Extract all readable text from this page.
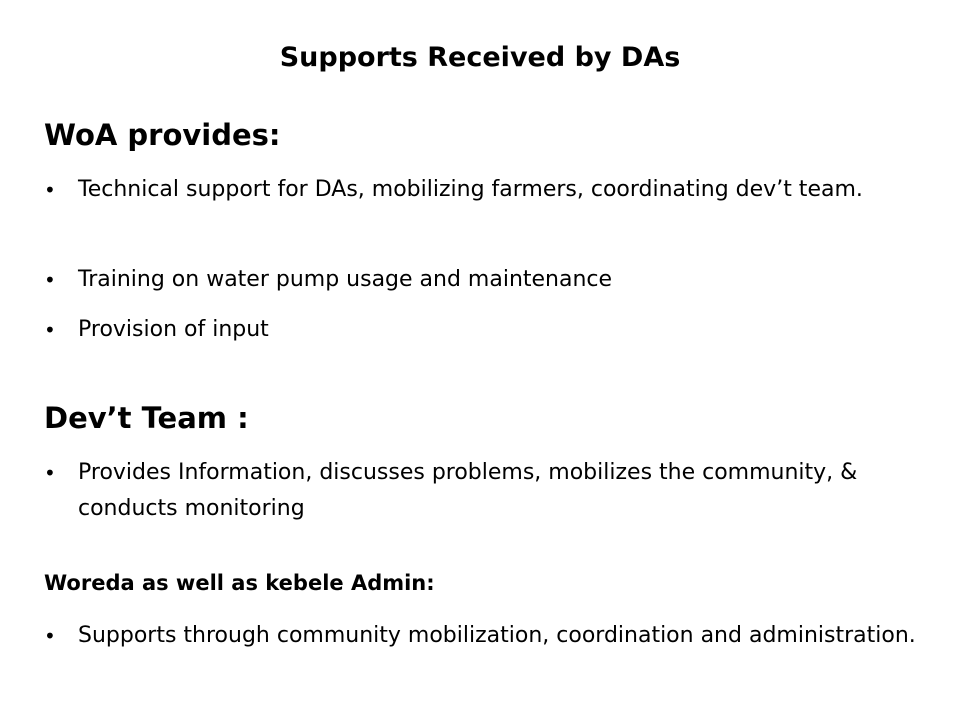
Supports Received by DAs
WoA provides:
•	Technical support for DAs, mobilizing farmers, coordinating dev’t team.
•	Training on water pump usage and maintenance
•	Provision of input
Dev’t Team :
•	Provides Information, discusses problems, mobilizes the community, & conducts monitoring
Woreda as well as kebele Admin:
•	Supports through community mobilization, coordination and administration.
